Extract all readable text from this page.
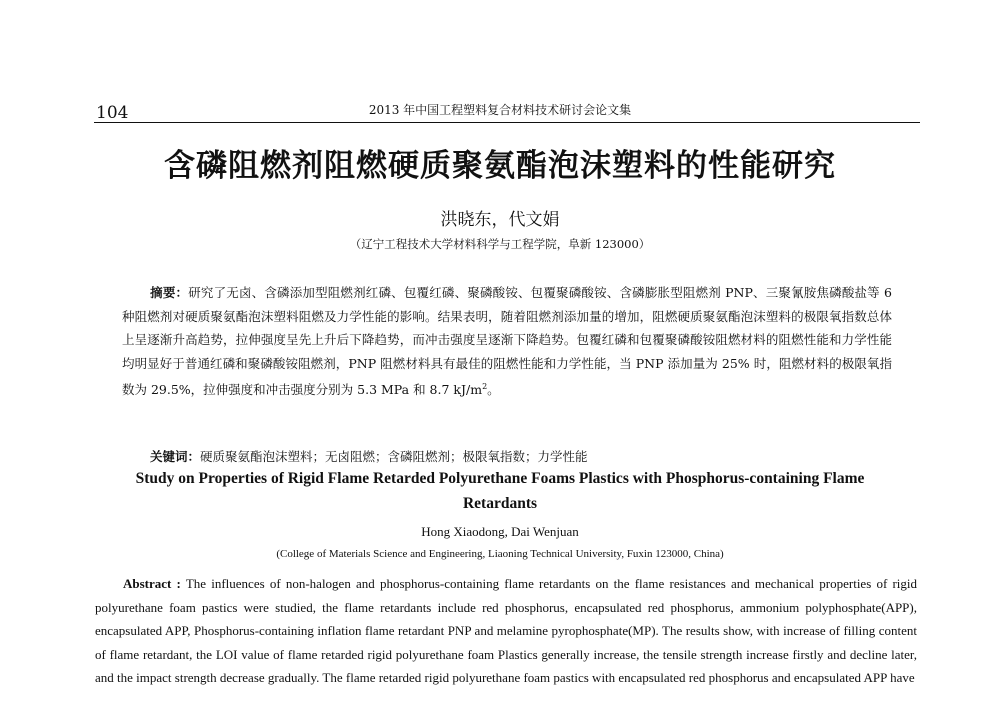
104	2013 年中国工程塑料复合材料技术研讨会论文集
含磷阻燃剂阻燃硬质聚氨酯泡沫塑料的性能研究
洪晓东，代文娟
（辽宁工程技术大学材料科学与工程学院，阜新 123000）
摘要：研究了无卤、含磷添加型阻燃剂红磷、包覆红磷、聚磷酸铵、包覆聚磷酸铵、含磷膨胀型阻燃剂 PNP、三聚氰胺焦磷酸盐等 6 种阻燃剂对硬质聚氨酯泡沫塑料阻燃及力学性能的影响。结果表明，随着阻燃剂添加量的增加，阻燃硬质聚氨酯泡沫塑料的极限氧指数总体上呈逐渐升高趋势，拉伸强度呈先上升后下降趋势，而冲击强度呈逐渐下降趋势。包覆红磷和包覆聚磷酸铵阻燃材料的阻燃性能和力学性能均明显好于普通红磷和聚磷酸铵阻燃剂，PNP 阻燃材料具有最佳的阻燃性能和力学性能，当 PNP 添加量为 25% 时，阻燃材料的极限氧指数为 29.5%，拉伸强度和冲击强度分别为 5.3 MPa 和 8.7 $kJ/m^2$。
关键词：硬质聚氨酯泡沫塑料；无卤阻燃；含磷阻燃剂；极限氧指数；力学性能
Study on Properties of Rigid Flame Retarded Polyurethane Foams Plastics with Phosphorus-containing Flame Retardants
Hong Xiaodong, Dai Wenjuan
(College of Materials Science and Engineering, Liaoning Technical University, Fuxin 123000, China)
Abstract : The influences of non-halogen and phosphorus-containing flame retardants on the flame resistances and mechanical properties of rigid polyurethane foam pastics were studied, the flame retardants include red phosphorus, encapsulated red phosphorus, ammonium polyphosphate(APP), encapsulated APP, Phosphorus-containing inflation flame retardant PNP and melamine pyrophosphate(MP). The results show, with increase of filling content of flame retardant, the LOI value of flame retarded rigid polyurethane foam Plastics generally increase, the tensile strength increase firstly and decline later, and the impact strength decrease gradually. The flame retarded rigid polyurethane foam pastics with encapsulated red phosphorus and encapsulated APP have
